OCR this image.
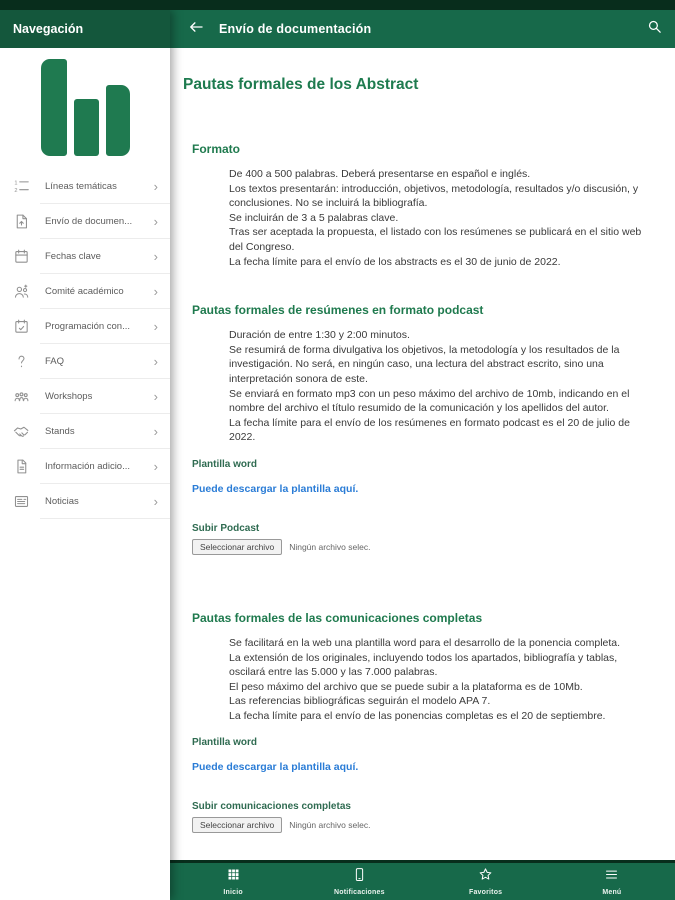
Envío de documentación
Navegación
1
2	Líneas temáticas	›
Envío de documen...	›
Fechas clave	›
Comité académico	›
Programación con...	›
FAQ	›
Workshops	›
Stands	›
Información adicio...	›
Noticias	›
Pautas formales de los Abstract
Formato
De 400 a 500 palabras. Deberá presentarse en español e inglés.
Los textos presentarán: introducción, objetivos, metodología, resultados y/o discusión, y conclusiones. No se incluirá la bibliografía.
Se incluirán de 3 a 5 palabras clave.
Tras ser aceptada la propuesta, el listado con los resúmenes se publicará en el sitio web del Congreso.
La fecha límite para el envío de los abstracts es el 30 de junio de 2022.
Pautas formales de resúmenes en formato podcast
Duración de entre 1:30 y 2:00 minutos.
Se resumirá de forma divulgativa los objetivos, la metodología y los resultados de la investigación. No será, en ningún caso, una lectura del abstract escrito, sino una interpretación sonora de este.
Se enviará en formato mp3 con un peso máximo del archivo de 10mb, indicando en el nombre del archivo el título resumido de la comunicación y los apellidos del autor.
La fecha límite para el envío de los resúmenes en formato podcast es el 20 de julio de 2022.
Plantilla word
Puede descargar la plantilla aquí.
Subir Podcast
Seleccionar archivo	Ningún archivo selec.
Pautas formales de las comunicaciones completas
Se facilitará en la web una plantilla word para el desarrollo de la ponencia completa.
La extensión de los originales, incluyendo todos los apartados, bibliografía y tablas, oscilará entre las 5.000 y las 7.000 palabras.
El peso máximo del archivo que se puede subir a la plataforma es de 10Mb.
Las referencias bibliográficas seguirán el modelo APA 7.
La fecha límite para el envío de las ponencias completas es el 20 de septiembre.
Plantilla word
Puede descargar la plantilla aquí.
Subir comunicaciones completas
Seleccionar archivo	Ningún archivo selec.
Inicio	Notificaciones	Favoritos	Menú
